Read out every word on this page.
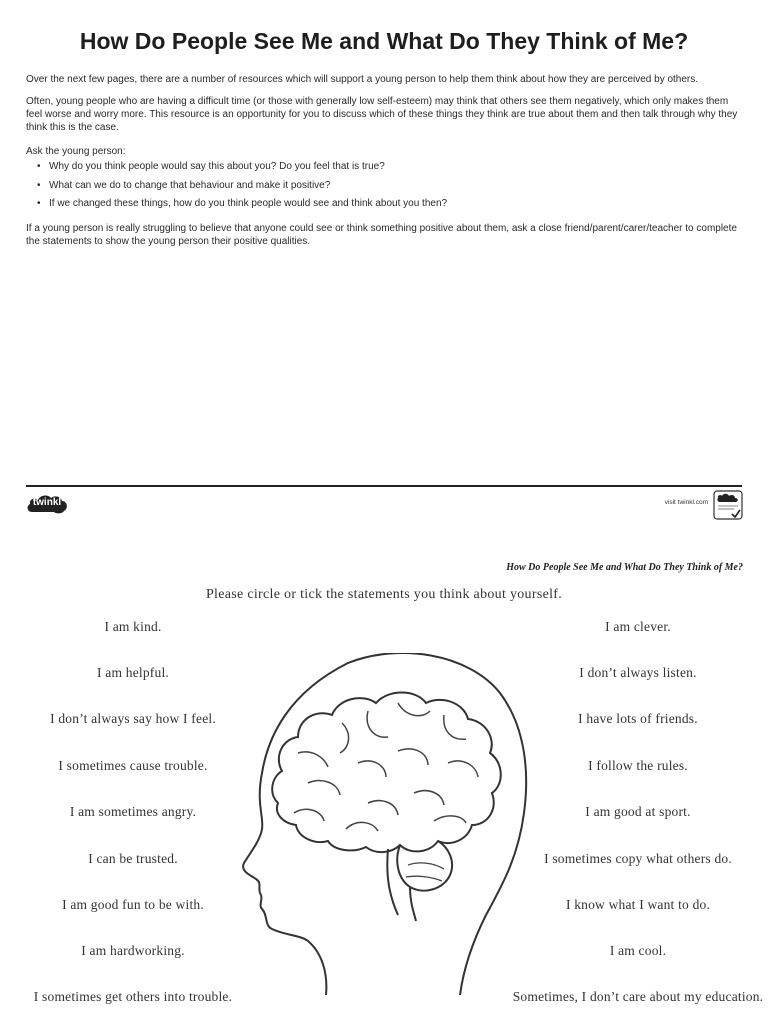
How Do People See Me and What Do They Think of Me?

Over the next few pages, there are a number of resources which will support a young person to help them think about how they are perceived by others.

Often, young people who are having a difficult time (or those with generally low self-esteem) may think that others see them negatively, which only makes them feel worse and worry more. This resource is an opportunity for you to discuss which of these things they think are true about them and then talk through why they think this is the case.

Ask the young person:

• Why do you think people would say this about you? Do you feel that is true?
• What can we do to change that behaviour and make it positive?
• If we changed these things, how do you think people would see and think about you then?

If a young person is really struggling to believe that anyone could see or think something positive about them, ask a close friend/parent/carer/teacher to complete the statements to show the young person their positive qualities.

twinkl	visit twinkl.com
How Do People See Me and What Do They Think of Me?
Please circle or tick the statements you think about yourself.
I am kind.
I am helpful.
I don’t always say how I feel.
I sometimes cause trouble.
I am sometimes angry.
I can be trusted.
I am good fun to be with.
I am hardworking.
I sometimes get others into trouble.
I am clever.
I don’t always listen.
I have lots of friends.
I follow the rules.
I am good at sport.
I sometimes copy what others do.
I know what I want to do.
I am cool.
Sometimes, I don’t care about my education.
